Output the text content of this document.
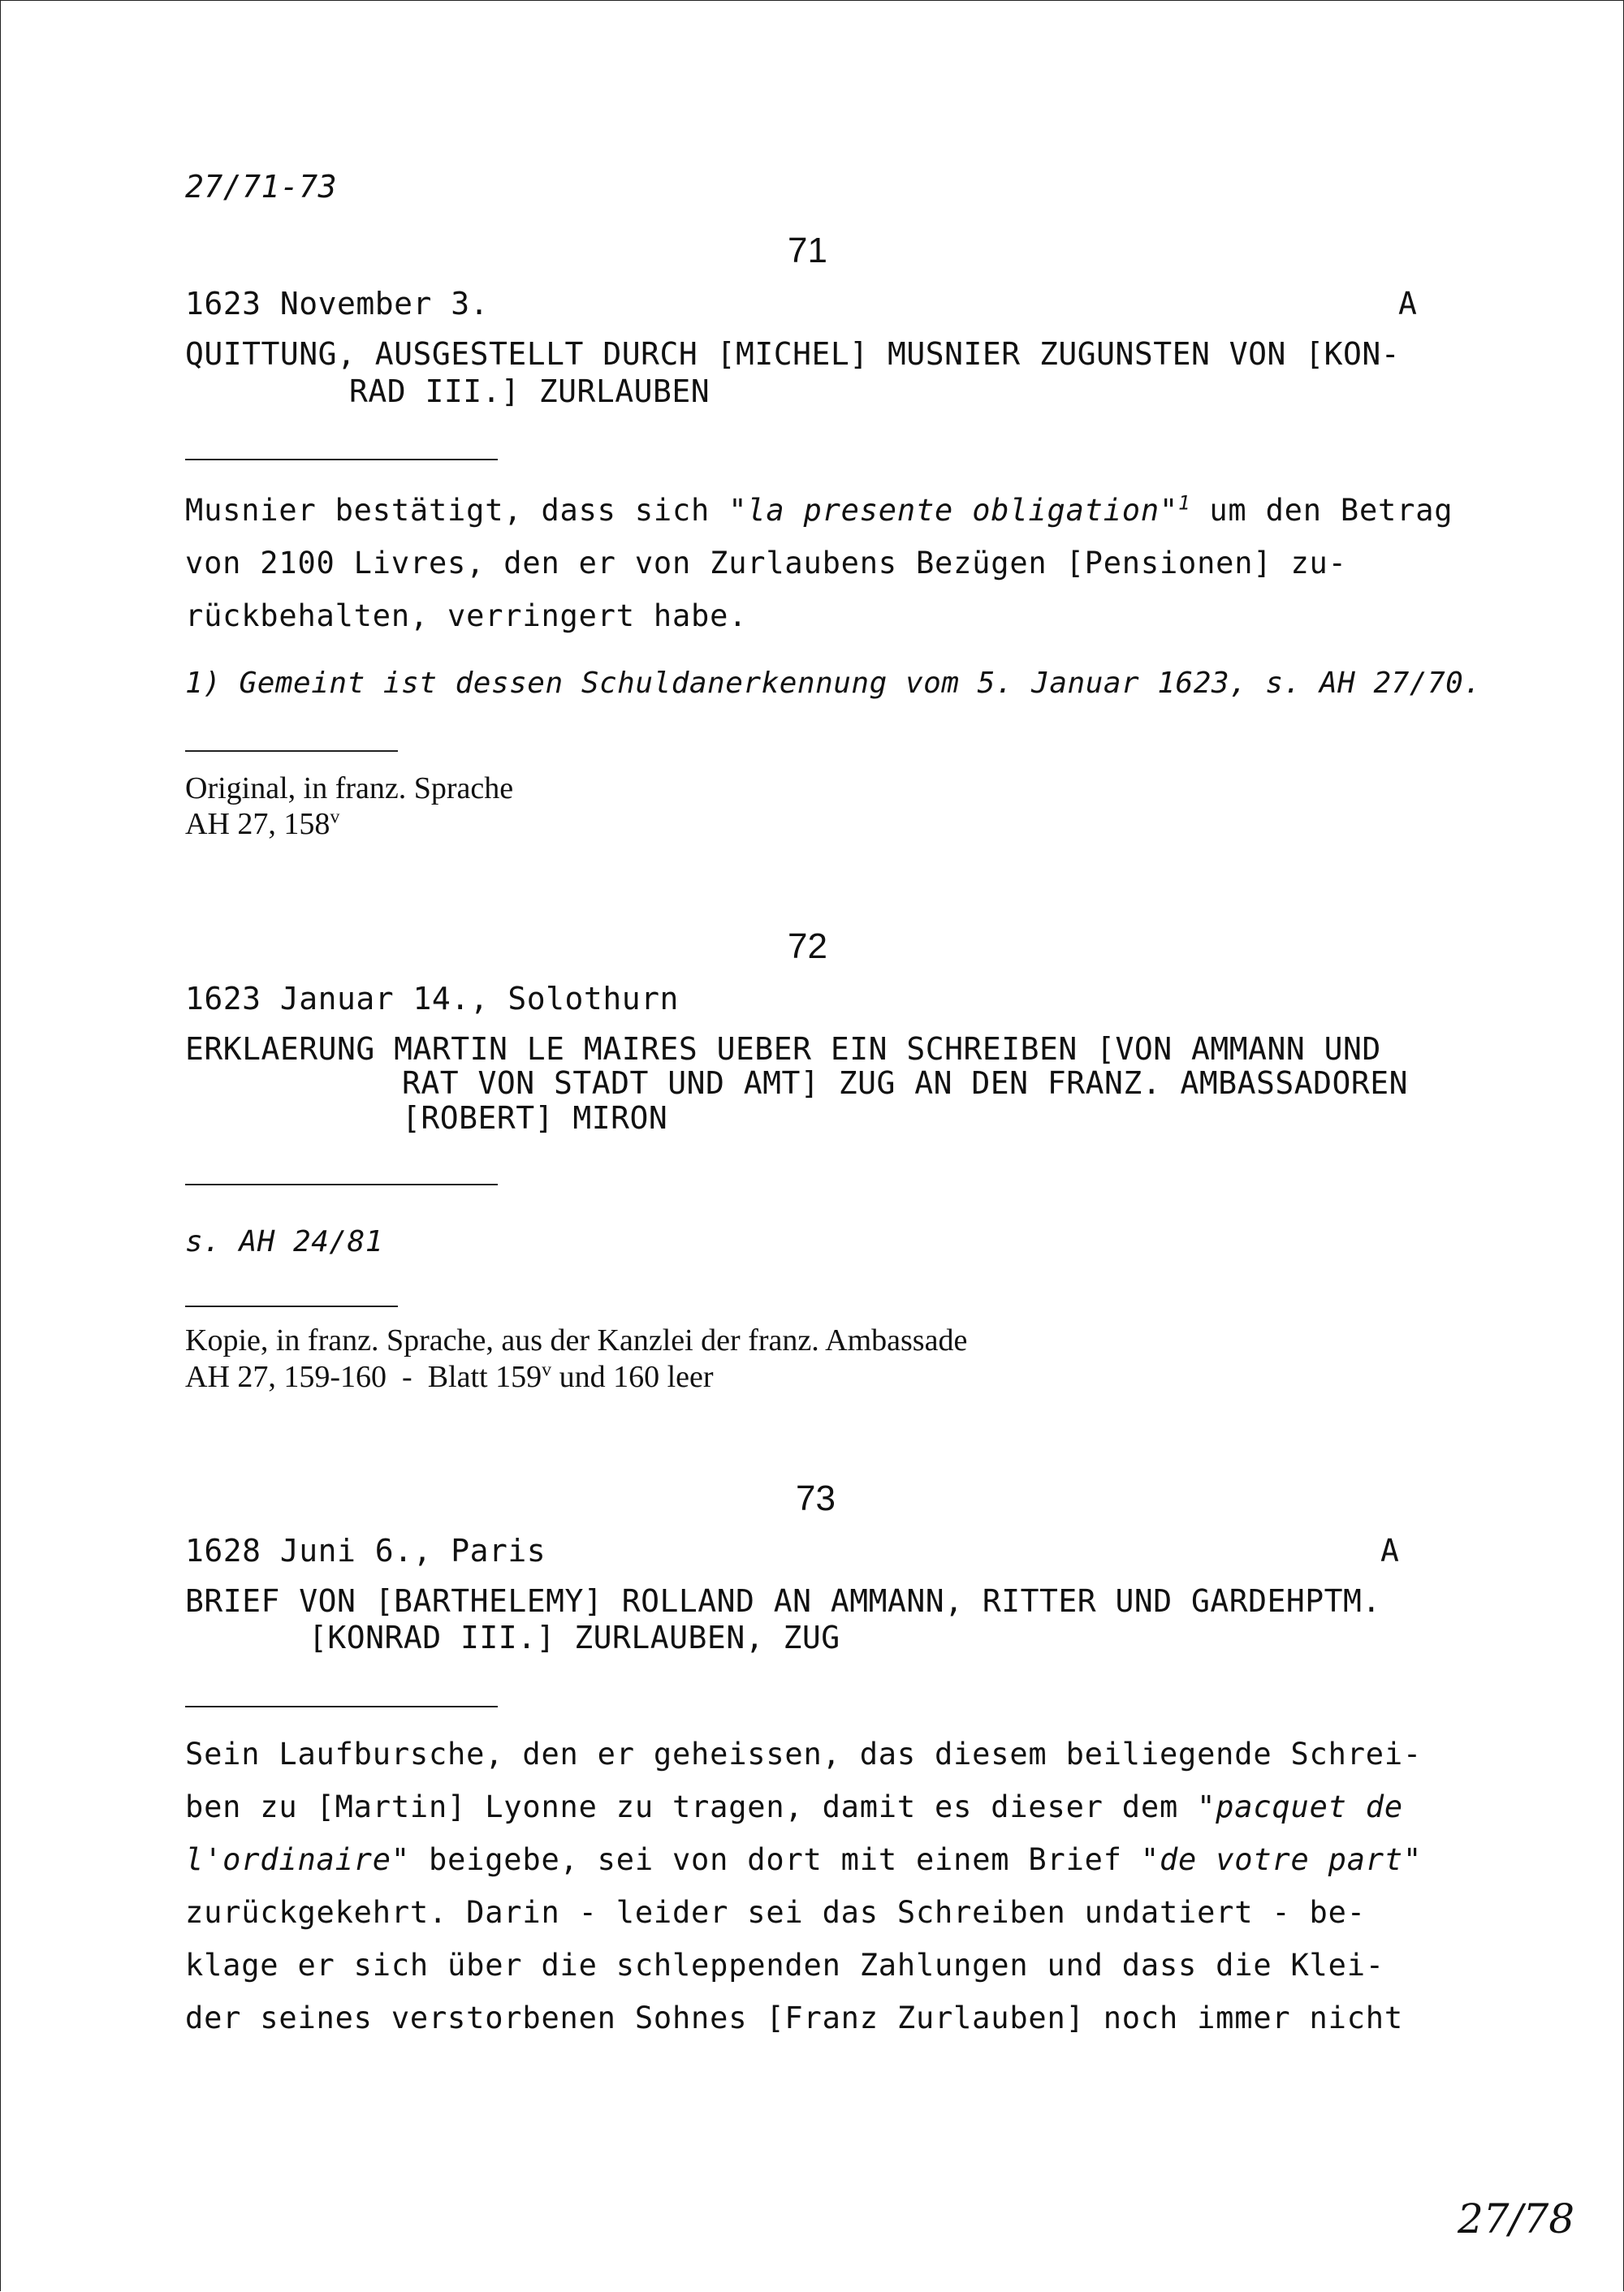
27/71-73
71
1623 November 3.	A
QUITTUNG, AUSGESTELLT DURCH [MICHEL] MUSNIER ZUGUNSTEN VON [KON-
RAD III.] ZURLAUBEN
Musnier bestätigt, dass sich "la presente obligation"$^1$ um den Betrag
von 2100 Livres, den er von Zurlaubens Bezügen [Pensionen] zu-
rückbehalten, verringert habe.
1) Gemeint ist dessen Schuldanerkennung vom 5. Januar 1623, s. AH 27/70.
Original, in franz. Sprache
AH 27, 158$^v$
72
1623 Januar 14., Solothurn
ERKLAERUNG MARTIN LE MAIRES UEBER EIN SCHREIBEN [VON AMMANN UND
RAT VON STADT UND AMT] ZUG AN DEN FRANZ. AMBASSADOREN
[ROBERT] MIRON
s. AH 24/81
Kopie, in franz. Sprache, aus der Kanzlei der franz. Ambassade
AH 27, 159-160  -  Blatt 159$^v$ und 160 leer
73
1628 Juni 6., Paris	A
BRIEF VON [BARTHELEMY] ROLLAND AN AMMANN, RITTER UND GARDEHPTM.
[KONRAD III.] ZURLAUBEN, ZUG
Sein Laufbursche, den er geheissen, das diesem beiliegende Schrei-
ben zu [Martin] Lyonne zu tragen, damit es dieser dem "pacquet de
l'ordinaire" beigebe, sei von dort mit einem Brief "de votre part"
zurückgekehrt. Darin - leider sei das Schreiben undatiert - be-
klage er sich über die schleppenden Zahlungen und dass die Klei-
der seines verstorbenen Sohnes [Franz Zurlauben] noch immer nicht
27/78
